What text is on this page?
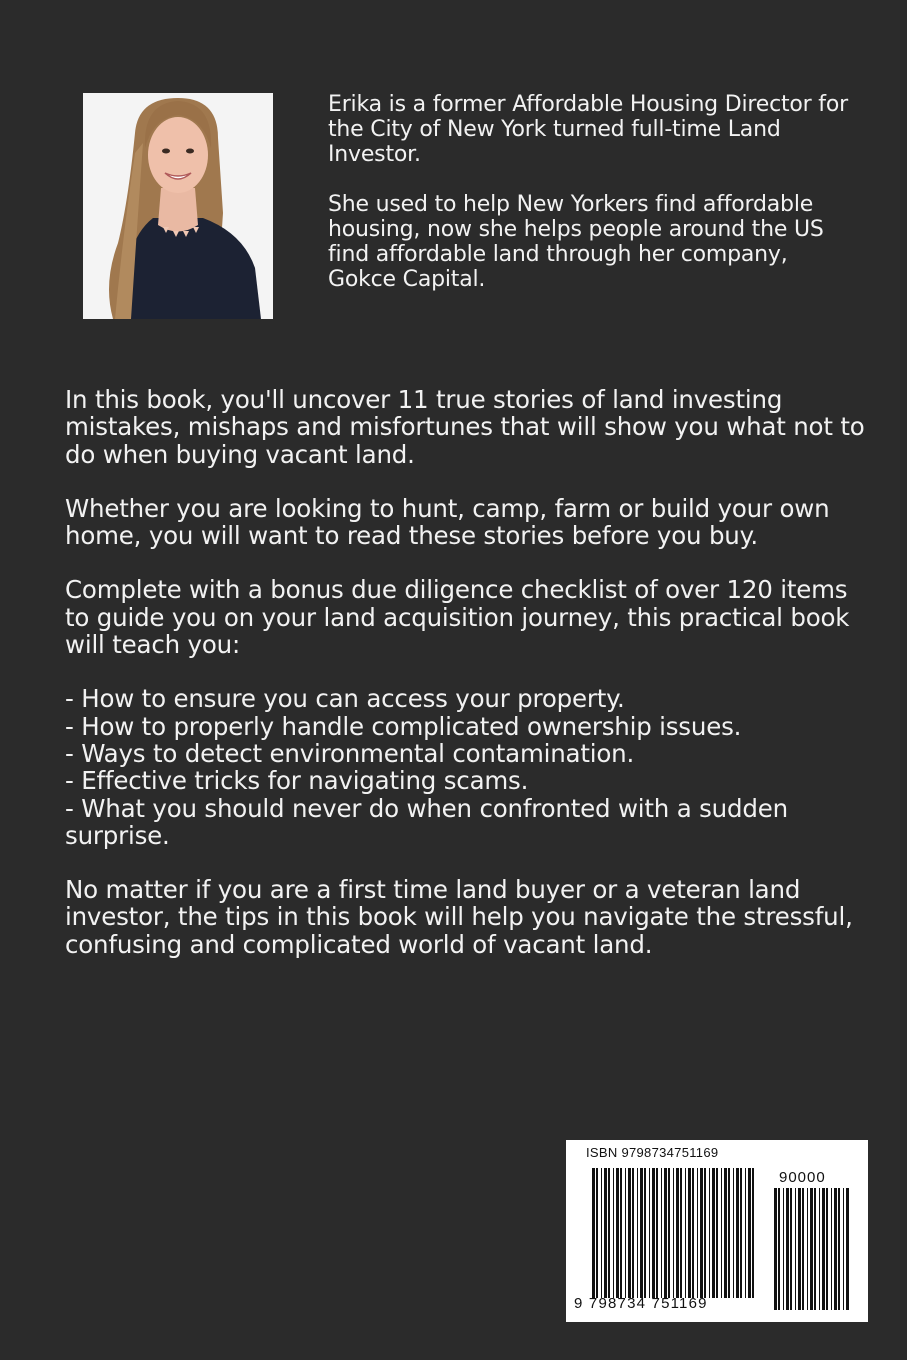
Erika is a former Affordable Housing Director for the City of New York turned full-time Land Investor.

She used to help New Yorkers find affordable housing, now she helps people around the US find affordable land through her company, Gokce Capital.

In this book, you'll uncover 11 true stories of land investing mistakes, mishaps and misfortunes that will show you what not to do when buying vacant land.

Whether you are looking to hunt, camp, farm or build your own home, you will want to read these stories before you buy.

Complete with a bonus due diligence checklist of over 120 items to guide you on your land acquisition journey, this practical book will teach you:

- How to ensure you can access your property.
- How to properly handle complicated ownership issues.
- Ways to detect environmental contamination.
- Effective tricks for navigating scams.
- What you should never do when confronted with a sudden surprise.

No matter if you are a first time land buyer or a veteran land investor, the tips in this book will help you navigate the stressful, confusing and complicated world of vacant land.

ISBN 9798734751169
90000
9 798734 751169
